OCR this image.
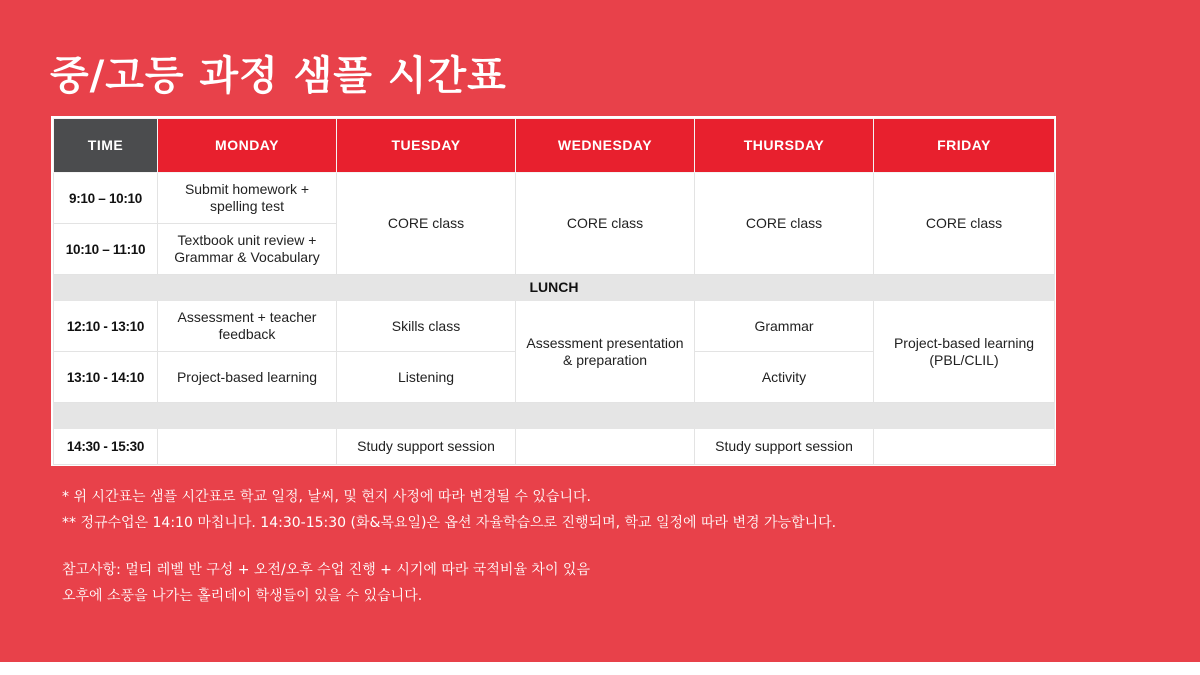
중/고등 과정 샘플 시간표
TIME	MONDAY	TUESDAY	WEDNESDAY	THURSDAY	FRIDAY
9:10 – 10:10	Submit homework + spelling test	CORE class	CORE class	CORE class	CORE class
10:10 – 11:10	Textbook unit review + Grammar & Vocabulary				
LUNCH					
12:10 - 13:10	Assessment + teacher feedback	Skills class	Assessment presentation & preparation	Grammar	Project-based learning (PBL/CLIL)
13:10 - 14:10	Project-based learning	Listening		Activity	

14:30 - 15:30		Study support session		Study support session	
* 위 시간표는 샘플 시간표로 학교 일정, 날씨, 및 현지 사정에 따라 변경될 수 있습니다.
** 정규수업은 14:10 마칩니다. 14:30-15:30 (화&목요일)은 옵션 자율학습으로 진행되며, 학교 일정에 따라 변경 가능합니다.
참고사항: 멀티 레벨 반 구성 + 오전/오후 수업 진행 + 시기에 따라 국적비율 차이 있음
오후에 소풍을 나가는 홀리데이 학생들이 있을 수 있습니다.
